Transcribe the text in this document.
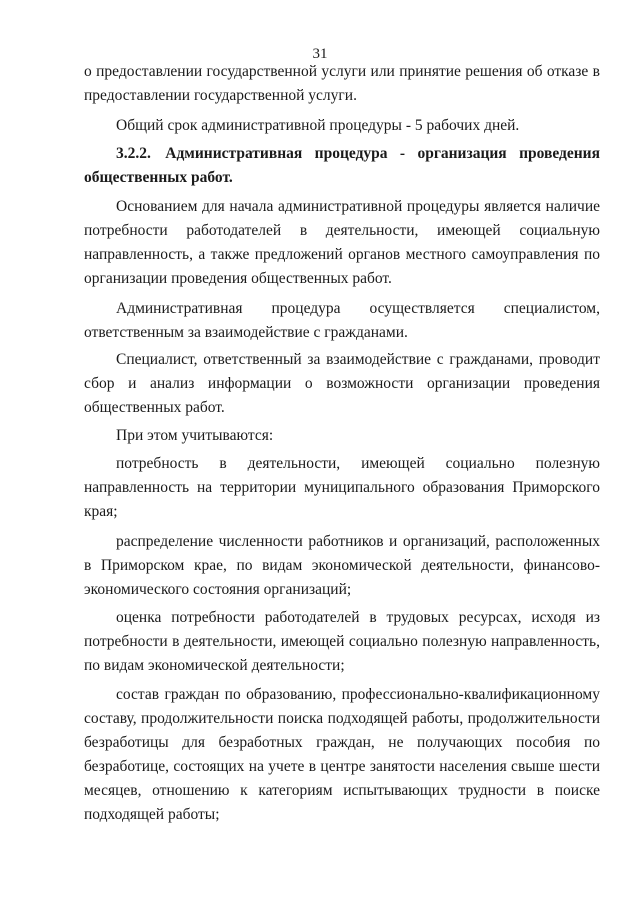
31

о предоставлении государственной услуги или принятие решения об отказе в предоставлении государственной услуги.

Общий срок административной процедуры - 5 рабочих дней.

3.2.2. Административная процедура - организация проведения общественных работ.

Основанием для начала административной процедуры является наличие потребности работодателей в деятельности, имеющей социальную направленность, а также предложений органов местного самоуправления по организации проведения общественных работ.

Административная процедура осуществляется специалистом, ответственным за взаимодействие с гражданами.

Специалист, ответственный за взаимодействие с гражданами, проводит сбор и анализ информации о возможности организации проведения общественных работ.

При этом учитываются:

потребность в деятельности, имеющей социально полезную направленность на территории муниципального образования Приморского края;

распределение численности работников и организаций, расположенных в Приморском крае, по видам экономической деятельности, финансово-экономического состояния организаций;

оценка потребности работодателей в трудовых ресурсах, исходя из потребности в деятельности, имеющей социально полезную направленность, по видам экономической деятельности;

состав граждан по образованию, профессионально-квалификационному составу, продолжительности поиска подходящей работы, продолжительности безработицы для безработных граждан, не получающих пособия по безработице, состоящих на учете в центре занятости населения свыше шести месяцев, отношению к категориям испытывающих трудности в поиске подходящей работы;
